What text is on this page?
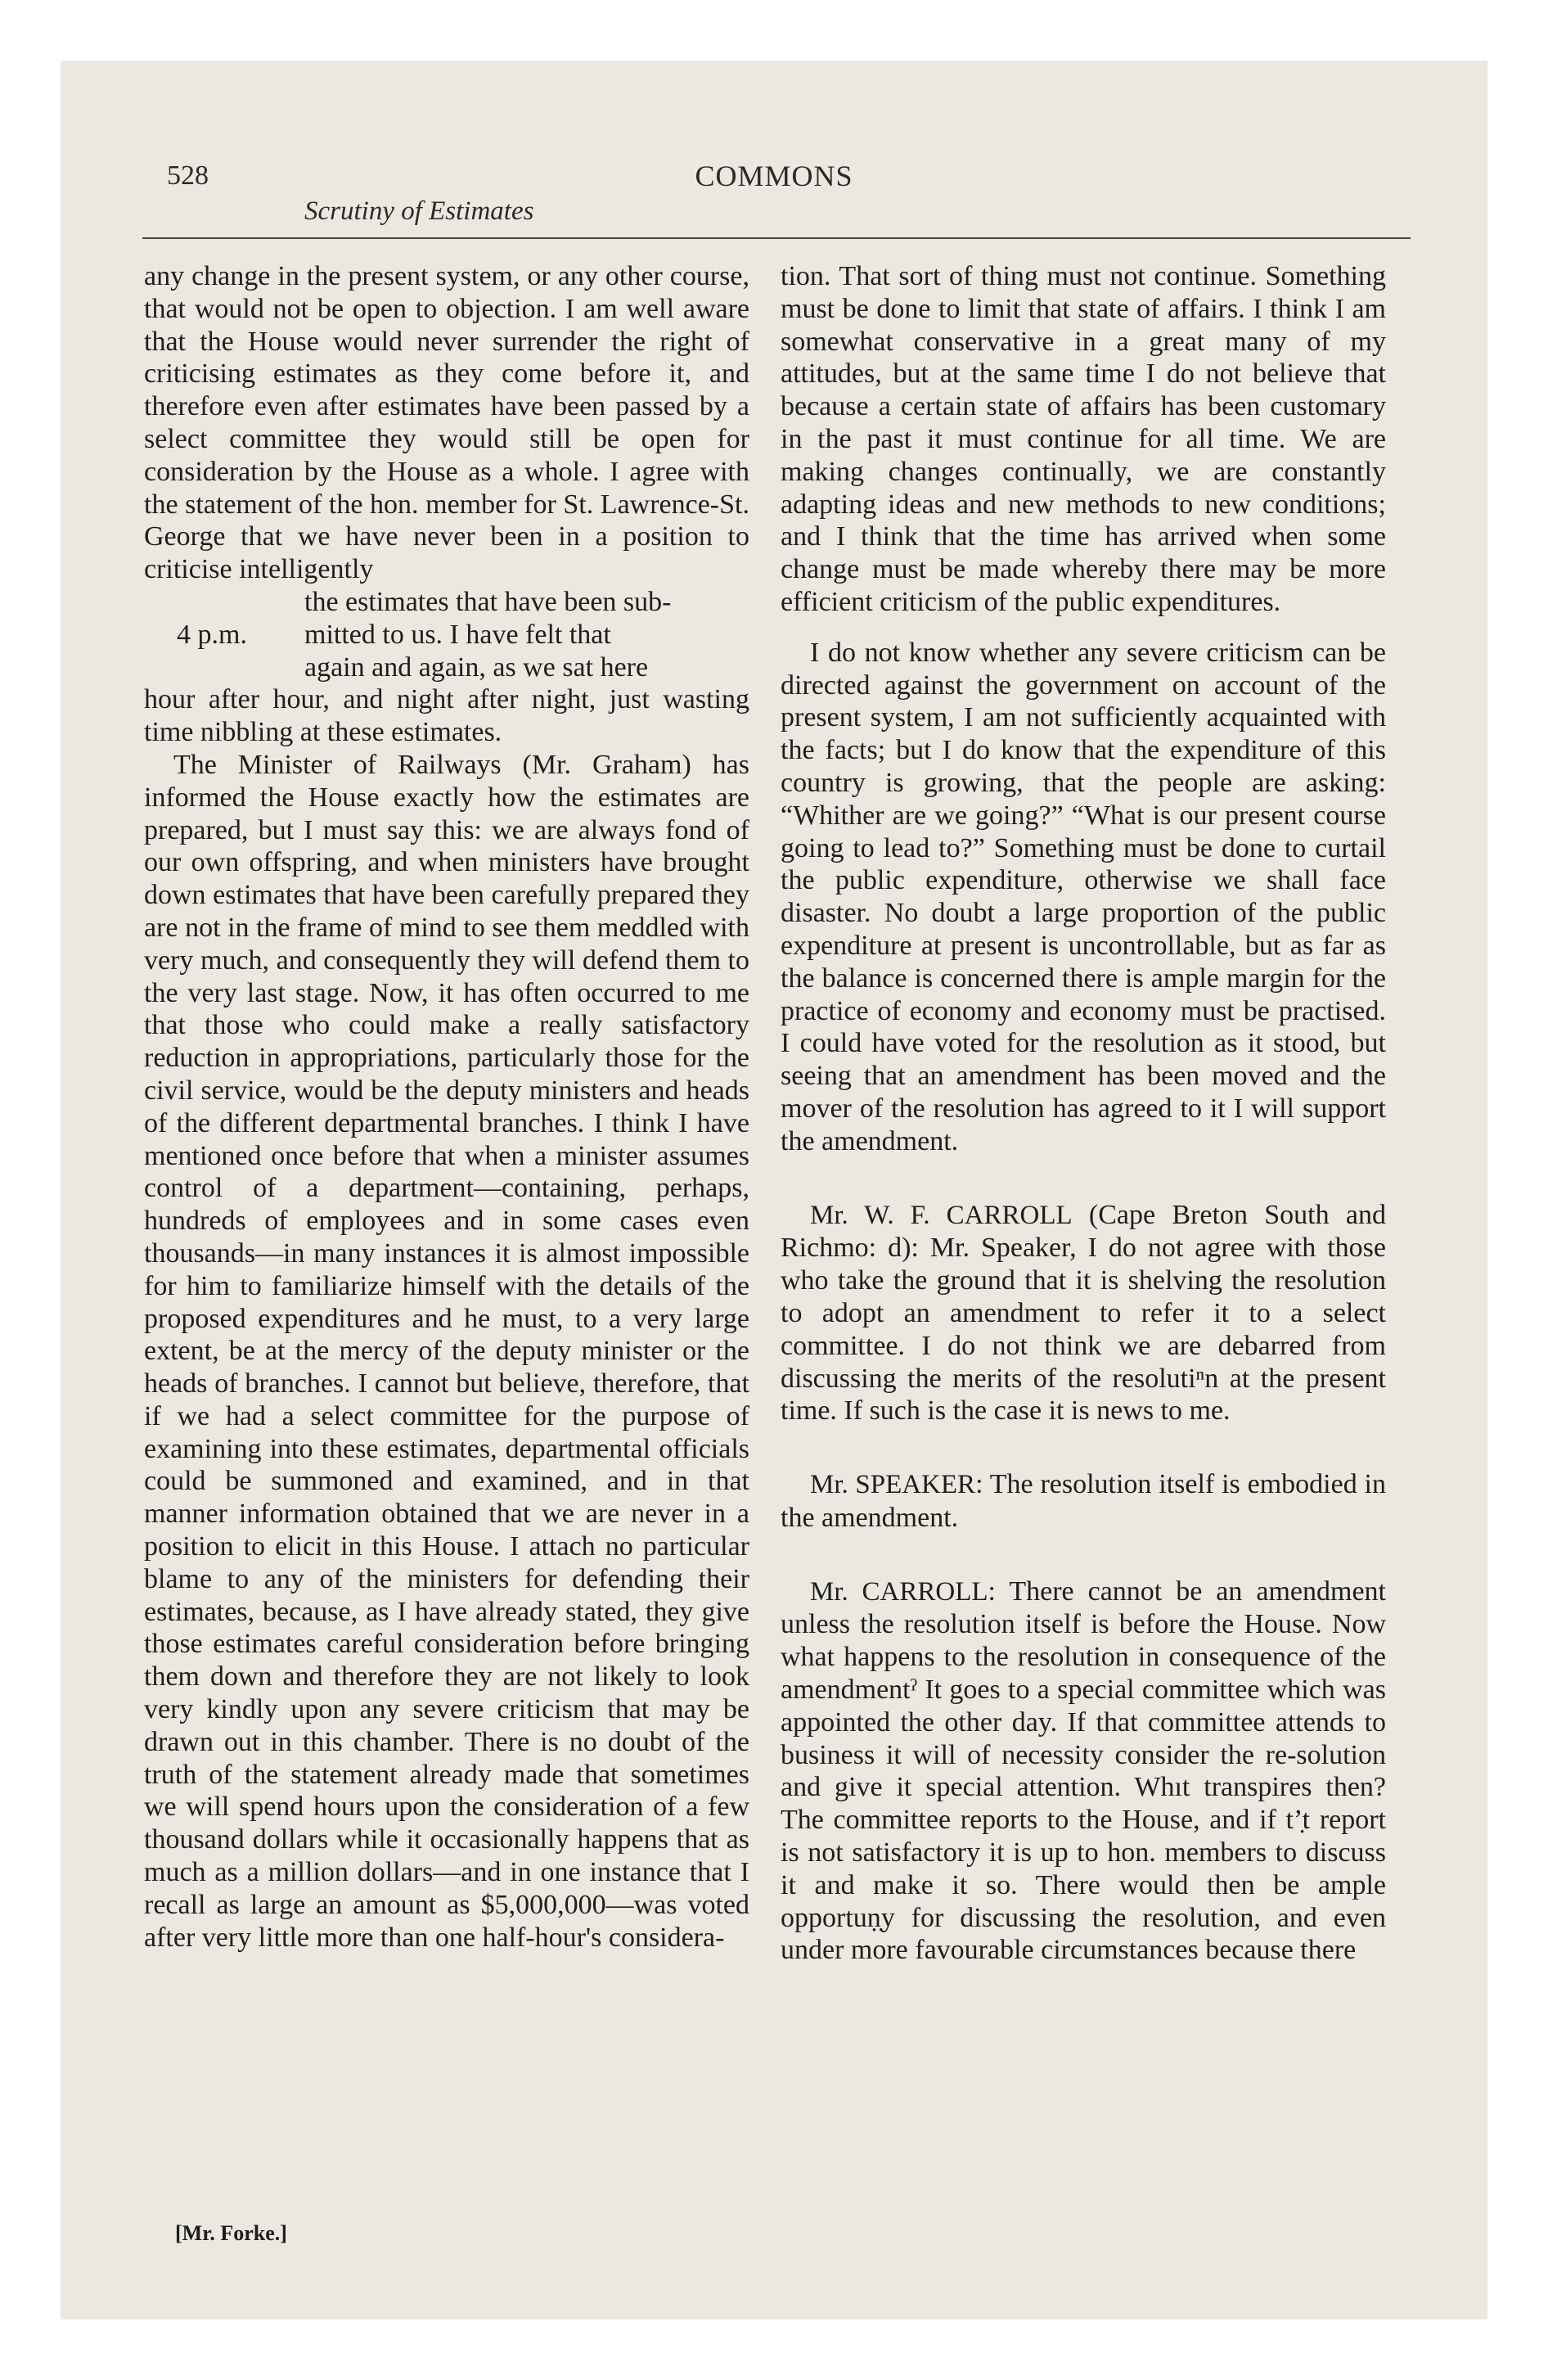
528	COMMONS
Scrutiny of Estimates

any change in the present system, or any other course, that would not be open to objection. I am well aware that the House would never surrender the right of criticising estimates as they come before it, and therefore even after estimates have been passed by a select committee they would still be open for consideration by the House as a whole. I agree with the statement of the hon. member for St. Lawrence-St. George that we have never been in a position to criticise intelligently

the estimates that have been sub-
4 p.m. mitted to us. I have felt that
again and again, as we sat here

hour after hour, and night after night, just wasting time nibbling at these estimates.

The Minister of Railways (Mr. Graham) has informed the House exactly how the estimates are prepared, but I must say this: we are always fond of our own offspring, and when ministers have brought down estimates that have been carefully prepared they are not in the frame of mind to see them meddled with very much, and consequently they will defend them to the very last stage. Now, it has often occurred to me that those who could make a really satisfactory reduction in appropriations, particularly those for the civil service, would be the deputy ministers and heads of the different departmental branches. I think I have mentioned once before that when a minister assumes control of a department—containing, perhaps, hundreds of employees and in some cases even thousands—in many instances it is almost impossible for him to familiarize himself with the details of the proposed expenditures and he must, to a very large extent, be at the mercy of the deputy minister or the heads of branches. I cannot but believe, therefore, that if we had a select committee for the purpose of examining into these estimates, departmental officials could be summoned and examined, and in that manner information obtained that we are never in a position to elicit in this House. I attach no particular blame to any of the ministers for defending their estimates, because, as I have already stated, they give those estimates careful consideration before bringing them down and therefore they are not likely to look very kindly upon any severe criticism that may be drawn out in this chamber. There is no doubt of the truth of the statement already made that sometimes we will spend hours upon the consideration of a few thousand dollars while it occasionally happens that as much as a million dollars—and in one instance that I recall as large an amount as $5,000,000—was voted after very little more than one half-hour's considera-

tion. That sort of thing must not continue. Something must be done to limit that state of affairs. I think I am somewhat conservative in a great many of my attitudes, but at the same time I do not believe that because a certain state of affairs has been customary in the past it must continue for all time. We are making changes continually, we are constantly adapting ideas and new methods to new conditions; and I think that the time has arrived when some change must be made whereby there may be more efficient criticism of the public expenditures.

I do not know whether any severe criticism can be directed against the government on account of the present system, I am not sufficiently acquainted with the facts; but I do know that the expenditure of this country is growing, that the people are asking: “Whither are we going?” “What is our present course going to lead to?” Something must be done to curtail the public expenditure, otherwise we shall face disaster. No doubt a large proportion of the public expenditure at present is uncontrollable, but as far as the balance is concerned there is ample margin for the practice of economy and economy must be practised. I could have voted for the resolution as it stood, but seeing that an amendment has been moved and the mover of the resolution has agreed to it I will support the amendment.

Mr. W. F. CARROLL (Cape Breton South and Richmo: d): Mr. Speaker, I do not agree with those who take the ground that it is shelving the resolution to adopt an amendment to refer it to a select committee. I do not think we are debarred from discussing the merits of the resolutiⁿn at the present time. If such is the case it is news to me.

Mr. SPEAKER: The resolution itself is embodied in the amendment.

Mr. CARROLL: There cannot be an amendment unless the resolution itself is before the House. Now what happens to the resolution in consequence of the amendmentˀ It goes to a special committee which was appointed the other day. If that committee attends to business it will of necessity consider the re-solution and give it special attention. Whıt transpires then? The committee reports to the House, and if t’̣t report is not satisfactory it is up to hon. members to discuss it and make it so. There would then be ample opportuṇ̣y for discussing the resolution, and even under more favourable circumstances because there

[Mr. Forke.]
